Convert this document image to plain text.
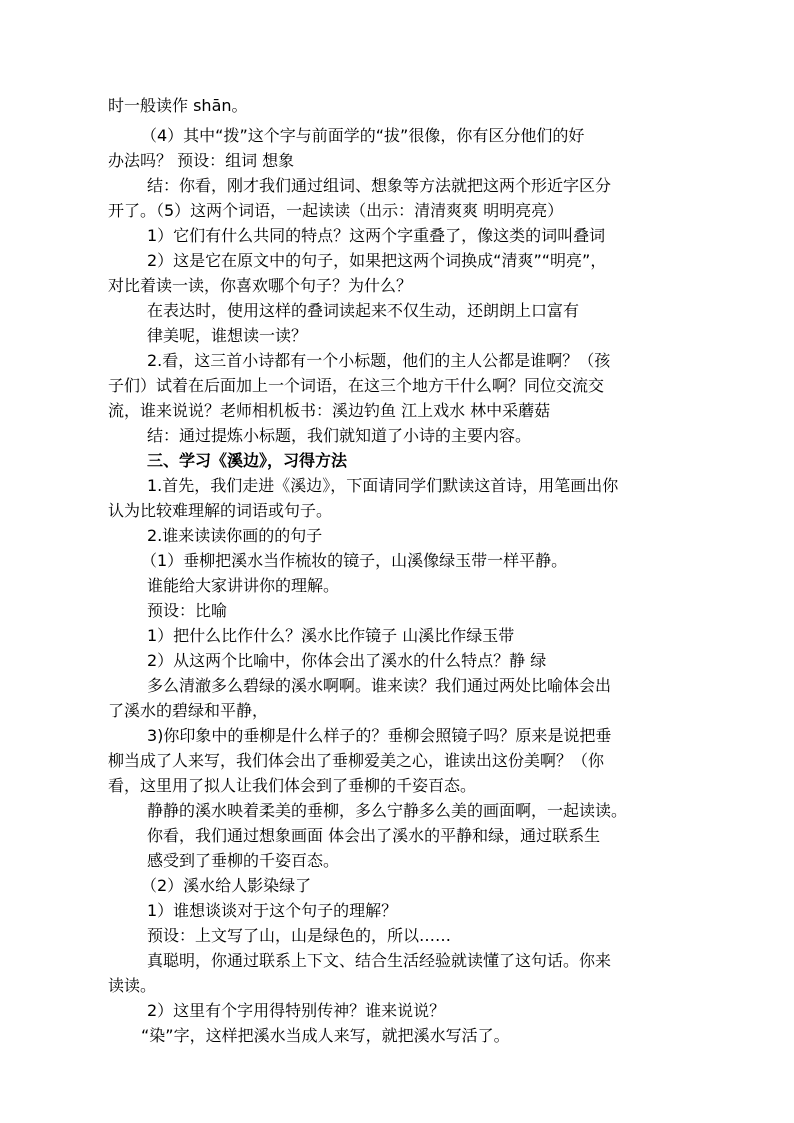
时一般读作 shān。
（4）其中“拨”这个字与前面学的“拔”很像，你有区分他们的好
办法吗？ 预设：组词 想象
结：你看，刚才我们通过组词、想象等方法就把这两个形近字区分
开了。（5）这两个词语，一起读读（出示：清清爽爽 明明亮亮）
1）它们有什么共同的特点？这两个字重叠了，像这类的词叫叠词
2）这是它在原文中的句子，如果把这两个词换成“清爽”“明亮”，
对比着读一读，你喜欢哪个句子？为什么？
在表达时，使用这样的叠词读起来不仅生动，还朗朗上口富有
律美呢，谁想读一读？
2.看，这三首小诗都有一个小标题，他们的主人公都是谁啊？（孩
子们）试着在后面加上一个词语，在这三个地方干什么啊？同位交流交
流，谁来说说？老师相机板书：溪边钓鱼 江上戏水 林中采蘑菇
结：通过提炼小标题，我们就知道了小诗的主要内容。
三、学习《溪边》，习得方法
1.首先，我们走进《溪边》，下面请同学们默读这首诗，用笔画出你
认为比较难理解的词语或句子。
2.谁来读读你画的的句子
（1）垂柳把溪水当作梳妆的镜子，山溪像绿玉带一样平静。
谁能给大家讲讲你的理解。
预设：比喻
1）把什么比作什么？溪水比作镜子 山溪比作绿玉带
2）从这两个比喻中，你体会出了溪水的什么特点？静 绿
多么清澈多么碧绿的溪水啊啊。谁来读？我们通过两处比喻体会出
了溪水的碧绿和平静，
3)你印象中的垂柳是什么样子的？垂柳会照镜子吗？原来是说把垂
柳当成了人来写，我们体会出了垂柳爱美之心，谁读出这份美啊？（你
看，这里用了拟人让我们体会到了垂柳的千姿百态。
静静的溪水映着柔美的垂柳，多么宁静多么美的画面啊，一起读读。
你看，我们通过想象画面 体会出了溪水的平静和绿，通过联系生
感受到了垂柳的千姿百态。
（2）溪水给人影染绿了
1）谁想谈谈对于这个句子的理解？
预设：上文写了山，山是绿色的，所以……
真聪明，你通过联系上下文、结合生活经验就读懂了这句话。你来
读读。
2）这里有个字用得特别传神？谁来说说？
“染”字，这样把溪水当成人来写，就把溪水写活了。
